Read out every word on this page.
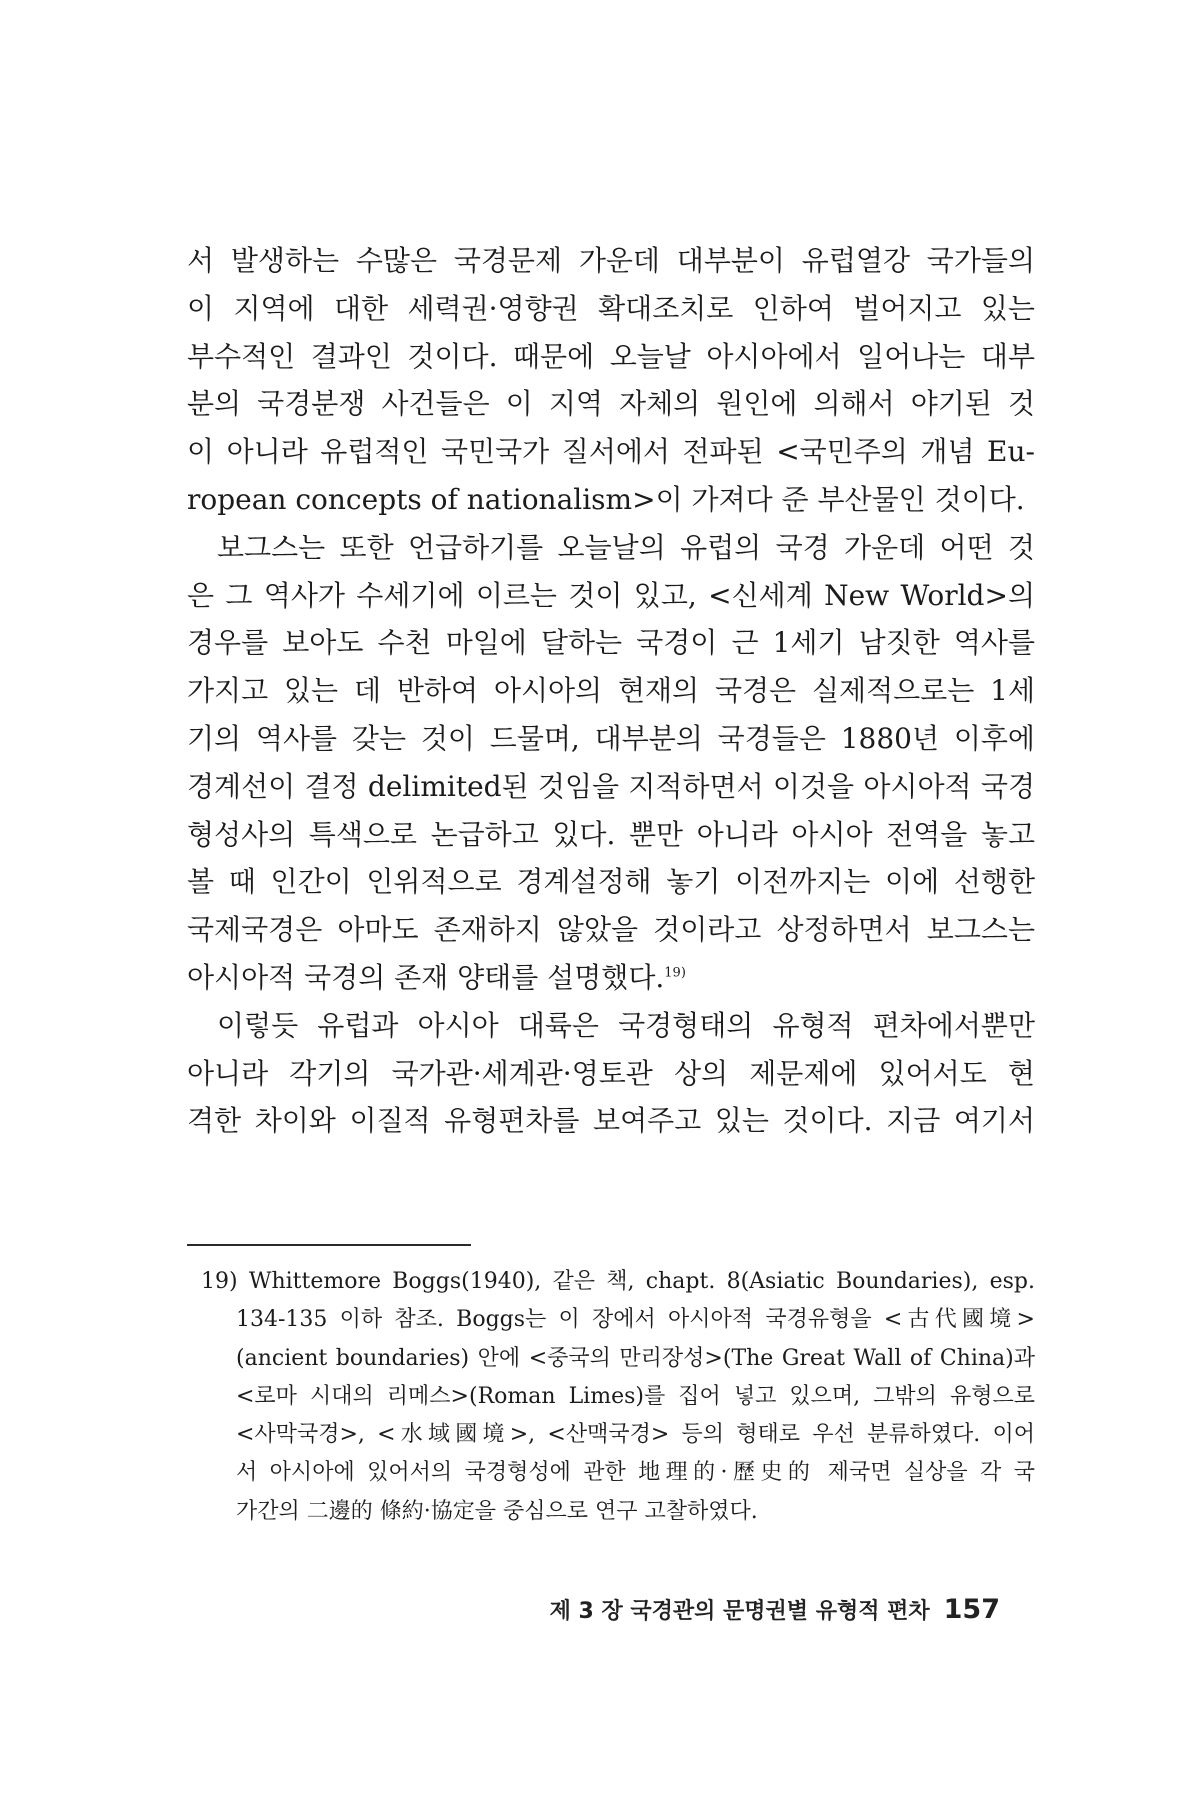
서 발생하는 수많은 국경문제 가운데 대부분이 유럽열강 국가들의
이 지역에 대한 세력권·영향권 확대조치로 인하여 벌어지고 있는
부수적인 결과인 것이다. 때문에 오늘날 아시아에서 일어나는 대부
분의 국경분쟁 사건들은 이 지역 자체의 원인에 의해서 야기된 것
이 아니라 유럽적인 국민국가 질서에서 전파된 <국민주의 개념 Eu-
ropean concepts of nationalism>이 가져다 준 부산물인 것이다.
보그스는 또한 언급하기를 오늘날의 유럽의 국경 가운데 어떤 것
은 그 역사가 수세기에 이르는 것이 있고, <신세계 New World>의
경우를 보아도 수천 마일에 달하는 국경이 근 1세기 남짓한 역사를
가지고 있는 데 반하여 아시아의 현재의 국경은 실제적으로는 1세
기의 역사를 갖는 것이 드물며, 대부분의 국경들은 1880년 이후에
경계선이 결정 delimited된 것임을 지적하면서 이것을 아시아적 국경
형성사의 특색으로 논급하고 있다. 뿐만 아니라 아시아 전역을 놓고
볼 때 인간이 인위적으로 경계설정해 놓기 이전까지는 이에 선행한
국제국경은 아마도 존재하지 않았을 것이라고 상정하면서 보그스는
아시아적 국경의 존재 양태를 설명했다.$^{19)}$
이렇듯 유럽과 아시아 대륙은 국경형태의 유형적 편차에서뿐만
아니라 각기의 국가관·세계관·영토관 상의 제문제에 있어서도 현
격한 차이와 이질적 유형편차를 보여주고 있는 것이다. 지금 여기서
19) Whittemore Boggs(1940), 같은 책, chapt. 8(Asiatic Boundaries), esp.
134-135 이하 참조. Boggs는 이 장에서 아시아적 국경유형을 <古代國境>
(ancient boundaries) 안에 <중국의 만리장성>(The Great Wall of China)과
<로마 시대의 리메스>(Roman Limes)를 집어 넣고 있으며, 그밖의 유형으로
<사막국경>, <水域國境>, <산맥국경> 등의 형태로 우선 분류하였다. 이어
서 아시아에 있어서의 국경형성에 관한 地理的·歷史的 제국면 실상을 각 국
가간의 二邊的 條約·協定을 중심으로 연구 고찰하였다.
제 3 장 국경관의 문명권별 유형적 편차 157
